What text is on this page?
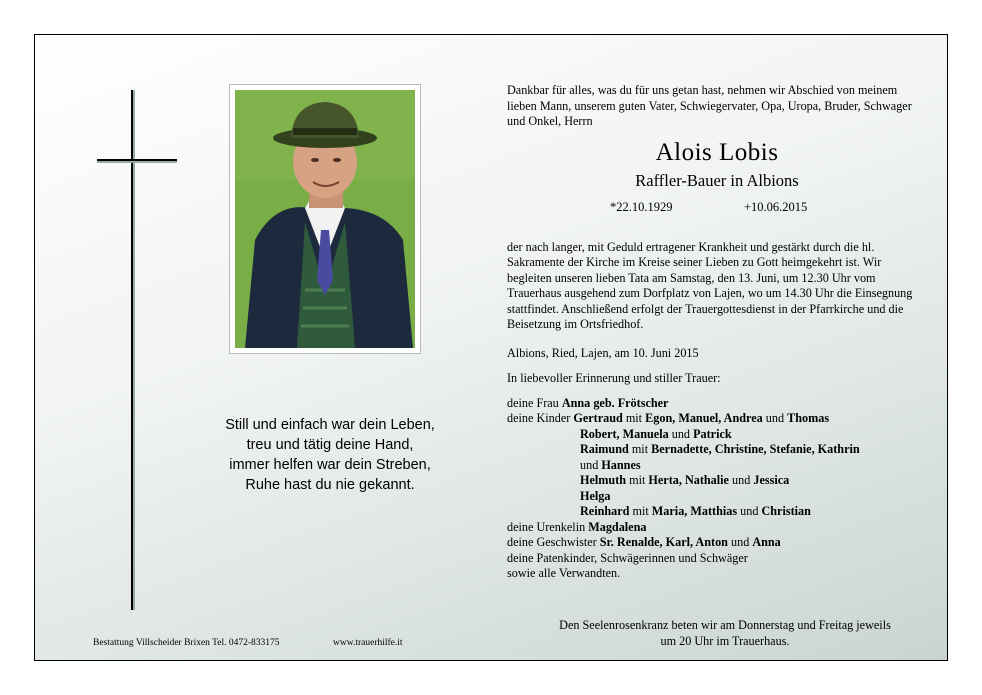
Still und einfach war dein Leben,
treu und tätig deine Hand,
immer helfen war dein Streben,
Ruhe hast du nie gekannt.

Dankbar für alles, was du für uns getan hast, nehmen wir Abschied von meinem lieben Mann, unserem guten Vater, Schwiegervater, Opa, Uropa, Bruder, Schwager und Onkel, Herrn

Alois Lobis
Raffler-Bauer in Albions
*22.10.1929	+10.06.2015

der nach langer, mit Geduld ertragener Krankheit und gestärkt durch die hl. Sakramente der Kirche im Kreise seiner Lieben zu Gott heimgekehrt ist. Wir begleiten unseren lieben Tata am Samstag, den 13. Juni, um 12.30 Uhr vom Trauerhaus ausgehend zum Dorfplatz von Lajen, wo um 14.30 Uhr die Einsegnung stattfindet. Anschließend erfolgt der Trauergottesdienst in der Pfarrkirche und die Beisetzung im Ortsfriedhof.

Albions, Ried, Lajen, am 10. Juni 2015
In liebevoller Erinnerung und stiller Trauer:
deine Frau Anna geb. Frötscher
deine Kinder Gertraud mit Egon, Manuel, Andrea und Thomas
Robert, Manuela und Patrick
Raimund mit Bernadette, Christine, Stefanie, Kathrin
und Hannes
Helmuth mit Herta, Nathalie und Jessica
Helga
Reinhard mit Maria, Matthias und Christian
deine Urenkelin Magdalena
deine Geschwister Sr. Renalde, Karl, Anton und Anna
deine Patenkinder, Schwägerinnen und Schwäger
sowie alle Verwandten.
Den Seelenrosenkranz beten wir am Donnerstag und Freitag jeweils
um 20 Uhr im Trauerhaus.
Bestattung Villscheider Brixen Tel. 0472-833175	www.trauerhilfe.it
